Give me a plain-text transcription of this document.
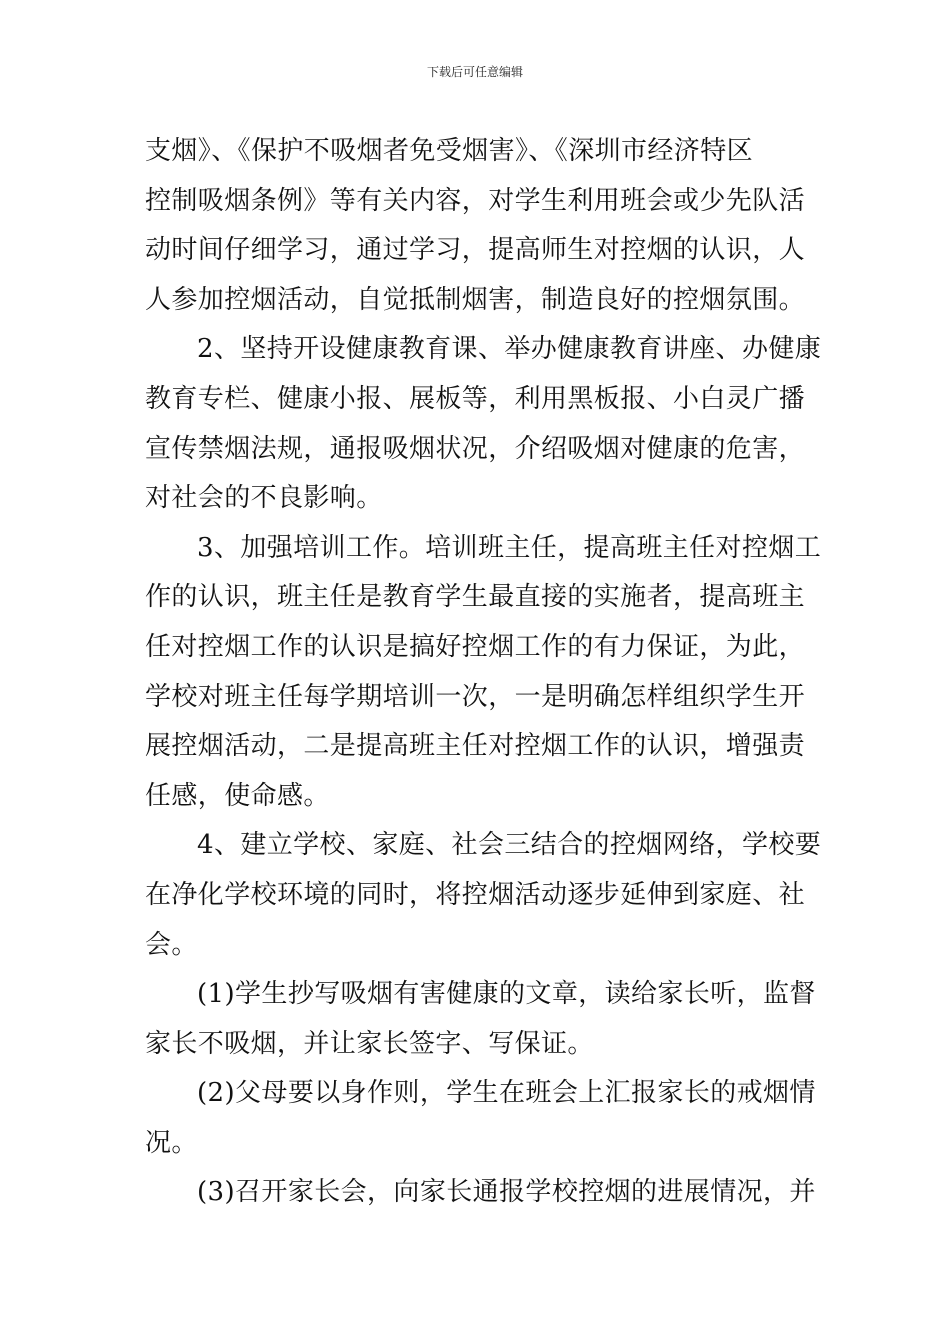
下载后可任意编辑
支烟》、《保护不吸烟者免受烟害》、《深圳市经济特区
控制吸烟条例》等有关内容，对学生利用班会或少先队活
动时间仔细学习，通过学习，提高师生对控烟的认识，人
人参加控烟活动，自觉抵制烟害，制造良好的控烟氛围。
2、坚持开设健康教育课、举办健康教育讲座、办健康
教育专栏、健康小报、展板等，利用黑板报、小白灵广播
宣传禁烟法规，通报吸烟状况，介绍吸烟对健康的危害，
对社会的不良影响。
3、加强培训工作。培训班主任，提高班主任对控烟工
作的认识，班主任是教育学生最直接的实施者，提高班主
任对控烟工作的认识是搞好控烟工作的有力保证，为此，
学校对班主任每学期培训一次，一是明确怎样组织学生开
展控烟活动，二是提高班主任对控烟工作的认识，增强责
任感，使命感。
4、建立学校、家庭、社会三结合的控烟网络，学校要
在净化学校环境的同时，将控烟活动逐步延伸到家庭、社
会。
(1)学生抄写吸烟有害健康的文章，读给家长听，监督
家长不吸烟，并让家长签字、写保证。
(2)父母要以身作则，学生在班会上汇报家长的戒烟情
况。
(3)召开家长会，向家长通报学校控烟的进展情况，并
